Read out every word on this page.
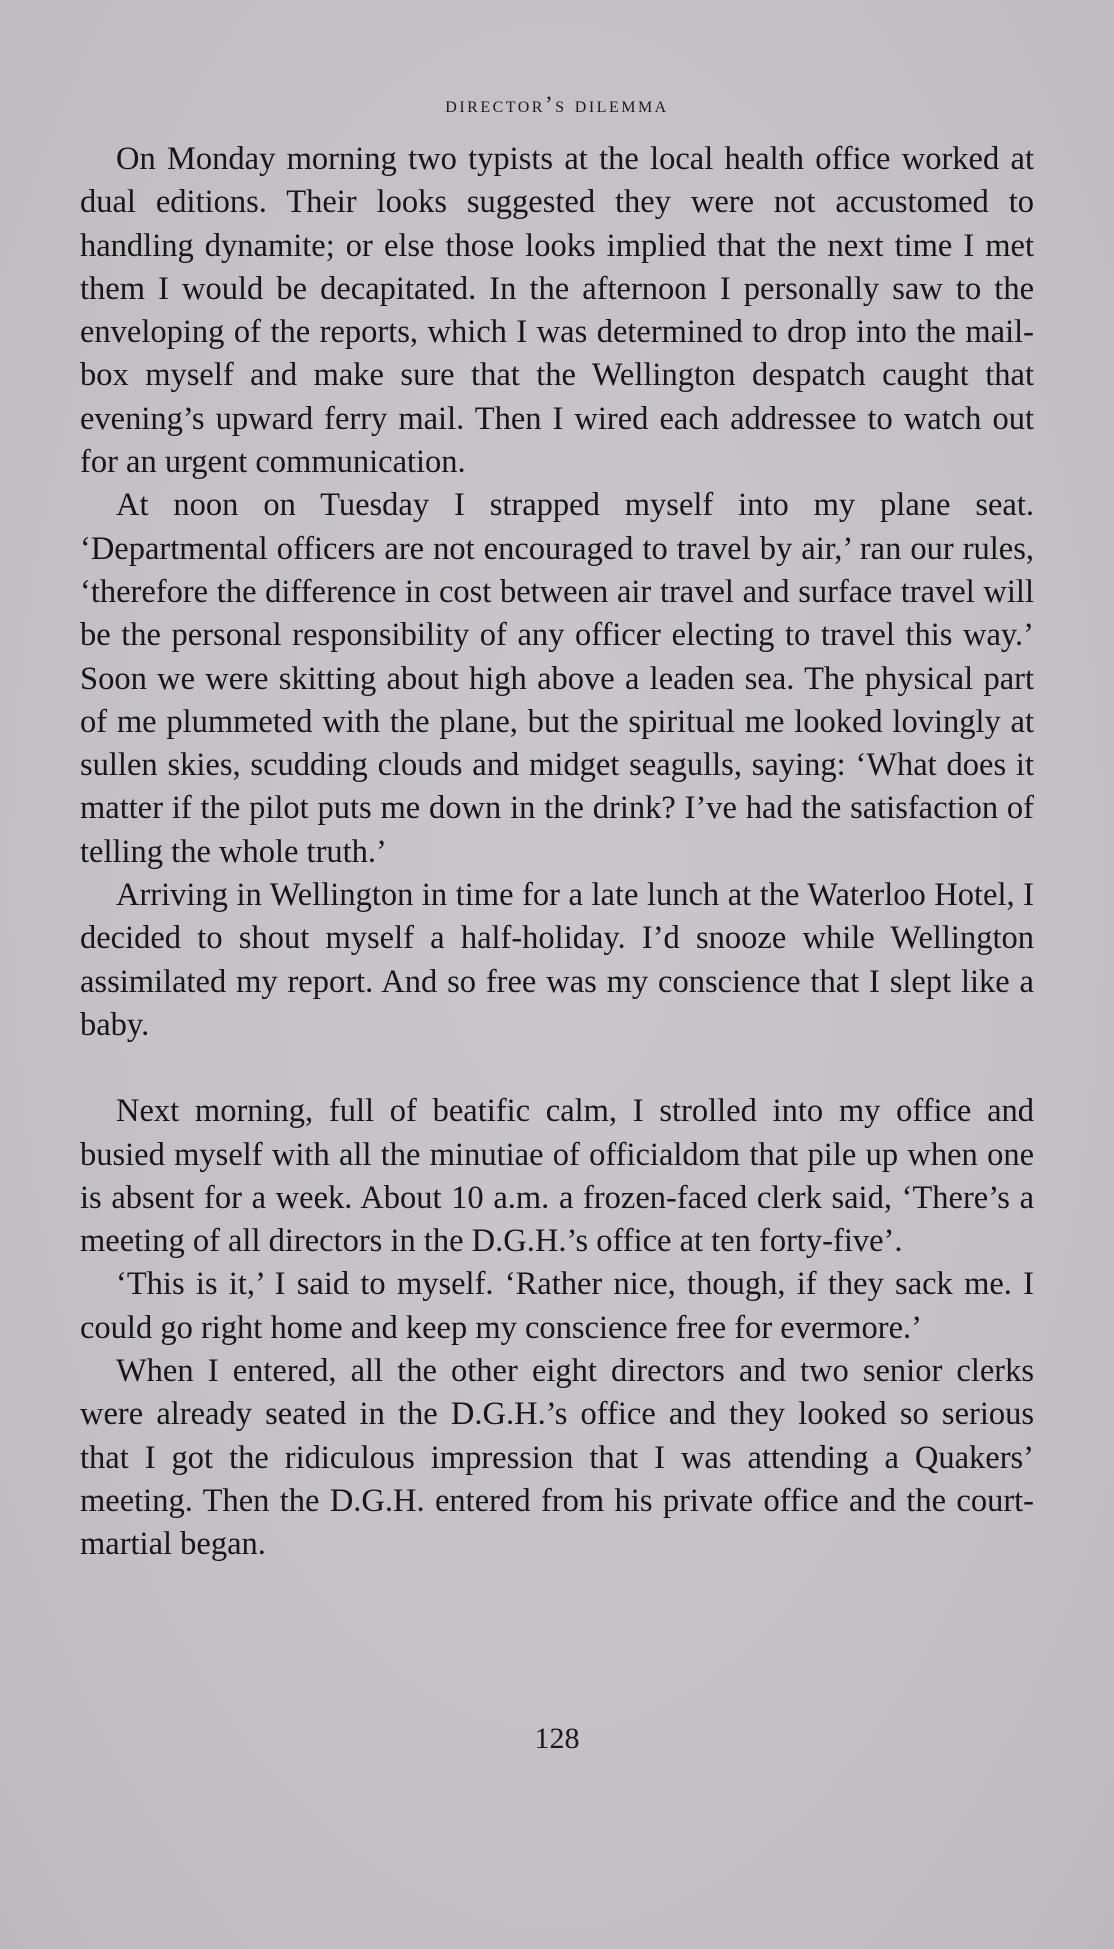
director’s dilemma

On Monday morning two typists at the local health office worked at dual editions. Their looks suggested they were not accustomed to handling dynamite; or else those looks implied that the next time I met them I would be decapitated. In the afternoon I personally saw to the enveloping of the reports, which I was determined to drop into the mail-box myself and make sure that the Wellington despatch caught that evening’s upward ferry mail. Then I wired each addressee to watch out for an urgent communication.

At noon on Tuesday I strapped myself into my plane seat. ‘Departmental officers are not encouraged to travel by air,’ ran our rules, ‘therefore the difference in cost between air travel and surface travel will be the personal responsibility of any officer electing to travel this way.’ Soon we were skitting about high above a leaden sea. The physical part of me plummeted with the plane, but the spiritual me looked lovingly at sullen skies, scudding clouds and midget seagulls, saying: ‘What does it matter if the pilot puts me down in the drink? I’ve had the satisfaction of telling the whole truth.’

Arriving in Wellington in time for a late lunch at the Waterloo Hotel, I decided to shout myself a half-holiday. I’d snooze while Wellington assimilated my report. And so free was my conscience that I slept like a baby.

Next morning, full of beatific calm, I strolled into my office and busied myself with all the minutiae of officialdom that pile up when one is absent for a week. About 10 a.m. a frozen-faced clerk said, ‘There’s a meeting of all directors in the D.G.H.’s office at ten forty-five’.

‘This is it,’ I said to myself. ‘Rather nice, though, if they sack me. I could go right home and keep my conscience free for evermore.’

When I entered, all the other eight directors and two senior clerks were already seated in the D.G.H.’s office and they looked so serious that I got the ridiculous impression that I was attending a Quakers’ meeting. Then the D.G.H. entered from his private office and the court-martial began.

128
